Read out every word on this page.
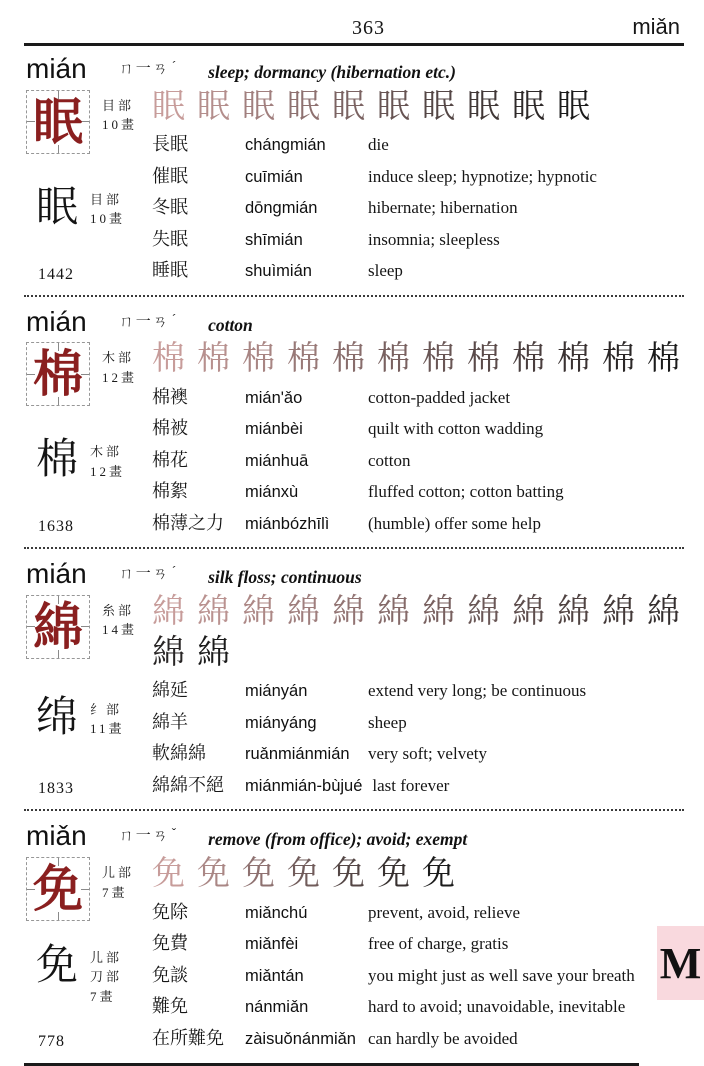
363	miǎn
mián ㄇ一ㄢ ˊ sleep; dormancy (hibernation etc.)
眠 目部
10畫
眠 目部
10畫
1442
眠 眠 眠 眠 眠 眠 眠 眠 眠 眠
長眠	chángmián	die
催眠	cuīmián	induce sleep; hypnotize; hypnotic
冬眠	dōngmián	hibernate; hibernation
失眠	shīmián	insomnia; sleepless
睡眠	shuìmián	sleep
mián ㄇ一ㄢ ˊ cotton
棉 木部
12畫
棉 木部
12畫
1638
棉 棉 棉 棉 棉 棉 棉 棉 棉 棉 棉 棉
棉襖	mián'ǎo	cotton-padded jacket
棉被	miánbèi	quilt with cotton wadding
棉花	miánhuā	cotton
棉絮	miánxù	fluffed cotton; cotton batting
棉薄之力	miánbózhīlì	(humble) offer some help
mián ㄇ一ㄢ ˊ silk floss; continuous
綿 糸部
14畫
绵 纟部
11畫
1833
綿 綿 綿 綿 綿 綿 綿 綿 綿 綿 綿 綿
綿 綿
綿延	miányán	extend very long; be continuous
綿羊	miányáng	sheep
軟綿綿	ruǎnmiánmián	very soft; velvety
綿綿不絕	miánmián-bùjué last forever
miǎn ㄇ一ㄢ ˇ remove (from office); avoid; exempt
免 儿部
7畫
免 儿部
刀部
7畫
778
免 免 免 免 免 免 免
免除	miǎnchú	prevent, avoid, relieve
免費	miǎnfèi	free of charge, gratis
免談	miǎntán	you might just as well save your breath
難免	nánmiǎn	hard to avoid; unavoidable, inevitable
在所難免	zàisuǒnánmiǎn can hardly be avoided
M
